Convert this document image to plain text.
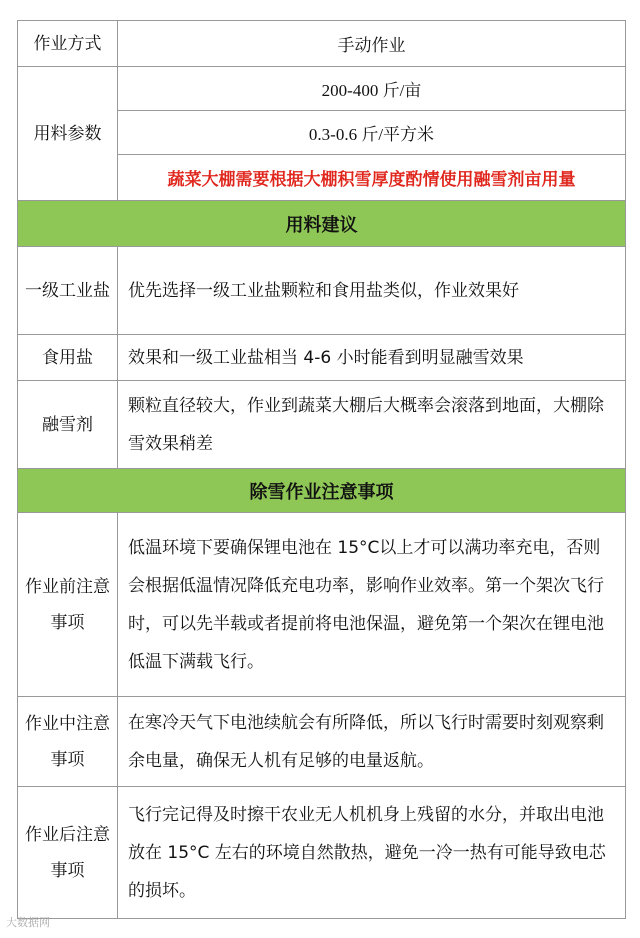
作业方式	手动作业
用料参数	200-400 斤/亩
	0.3-0.6 斤/平方米
	蔬菜大棚需要根据大棚积雪厚度酌情使用融雪剂亩用量
用料建议	
一级工业盐	优先选择一级工业盐颗粒和食用盐类似，作业效果好
食用盐	效果和一级工业盐相当 4-6 小时能看到明显融雪效果
融雪剂	颗粒直径较大，作业到蔬菜大棚后大概率会滚落到地面，大棚除雪效果稍差
除雪作业注意事项	
作业前注意事项	低温环境下要确保锂电池在 15°C以上才可以满功率充电，否则会根据低温情况降低充电功率，影响作业效率。第一个架次飞行时，可以先半载或者提前将电池保温，避免第一个架次在锂电池低温下满载飞行。
作业中注意事项	在寒冷天气下电池续航会有所降低，所以飞行时需要时刻观察剩余电量，确保无人机有足够的电量返航。
作业后注意事项	飞行完记得及时擦干农业无人机机身上残留的水分，并取出电池放在 15°C 左右的环境自然散热，避免一冷一热有可能导致电芯的损坏。
大数据网
